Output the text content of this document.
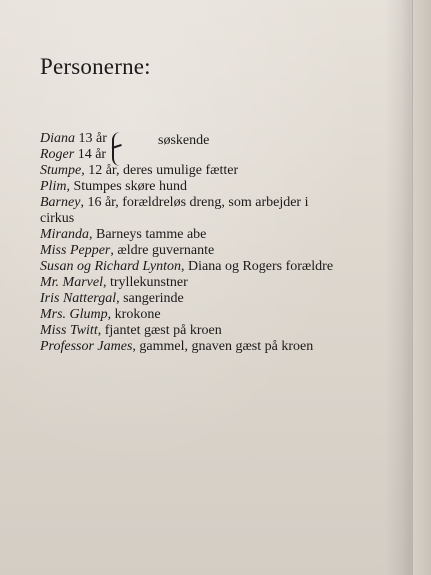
Personerne:
Diana 13 år
Roger 14 år
Stumpe, 12 år, deres umulige fætter
Plim, Stumpes skøre hund
Barney, 16 år, forældreløs dreng, som arbejder i
cirkus
Miranda, Barneys tamme abe
Miss Pepper, ældre guvernante
Susan og Richard Lynton, Diana og Rogers forældre
Mr. Marvel, tryllekunstner
Iris Nattergal, sangerinde
Mrs. Glump, krokone
Miss Twitt, fjantet gæst på kroen
Professor James, gammel, gnaven gæst på kroen
søskende
